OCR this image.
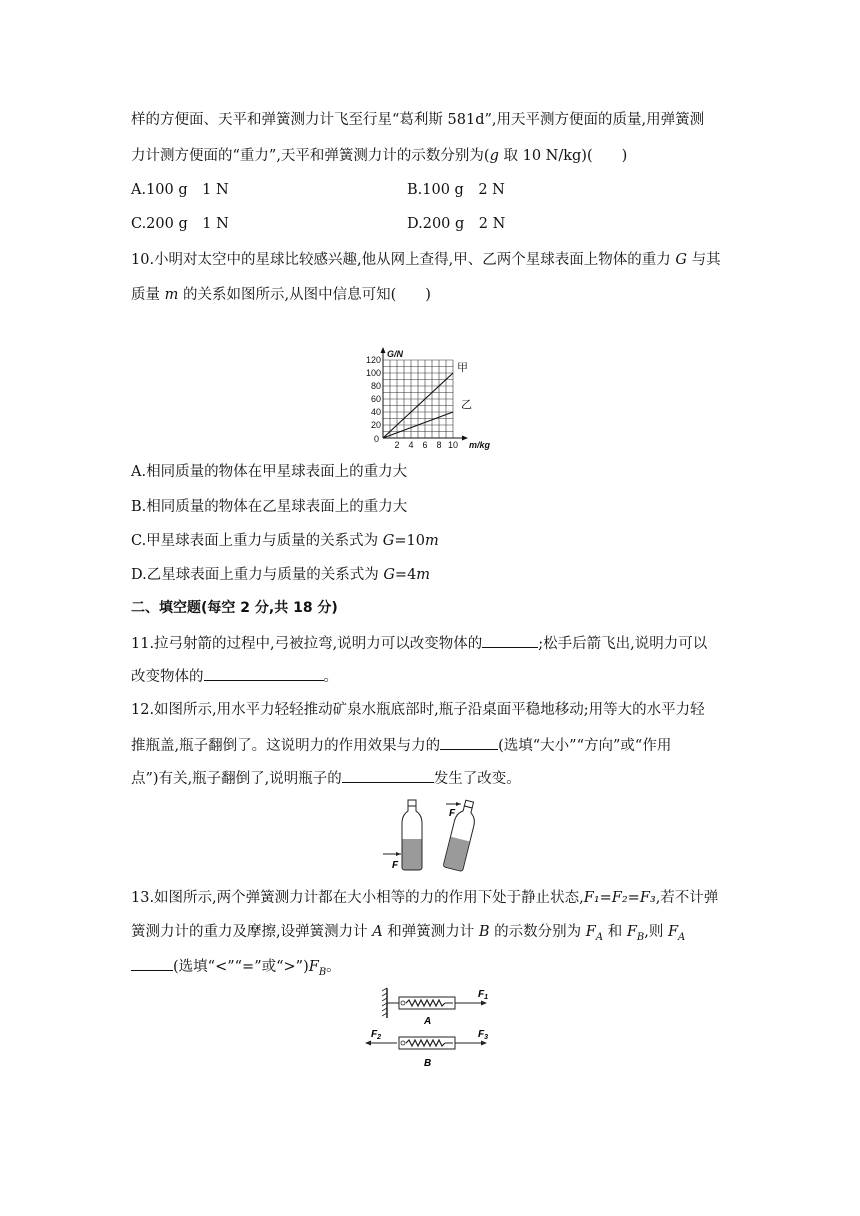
样的方便面、天平和弹簧测力计飞至行星“葛利斯 581d”,用天平测方便面的质量,用弹簧测
力计测方便面的“重力”,天平和弹簧测力计的示数分别为(g 取 10 N/kg)(　　)
A.100 g　1 N	B.100 g　2 N
C.200 g　1 N	D.200 g　2 N
10.小明对太空中的星球比较感兴趣,他从网上查得,甲、乙两个星球表面上物体的重力 G 与其
质量 m 的关系如图所示,从图中信息可知(　　)
20
40
60
80
100
120
2 4 6 8 10
0
G/N
m/kg
甲
乙
A.相同质量的物体在甲星球表面上的重力大
B.相同质量的物体在乙星球表面上的重力大
C.甲星球表面上重力与质量的关系式为 G=10m
D.乙星球表面上重力与质量的关系式为 G=4m
二、填空题(每空 2 分,共 18 分)
11.拉弓射箭的过程中,弓被拉弯,说明力可以改变物体的	;松手后箭飞出,说明力可以
改变物体的	。
12.如图所示,用水平力轻轻推动矿泉水瓶底部时,瓶子沿桌面平稳地移动;用等大的水平力轻
推瓶盖,瓶子翻倒了。这说明力的作用效果与力的	(选填“大小”“方向”或“作用
点”)有关,瓶子翻倒了,说明瓶子的	发生了改变。
F
F
13.如图所示,两个弹簧测力计都在大小相等的力的作用下处于静止状态,F₁=F₂=F₃,若不计弹
簧测力计的重力及摩擦,设弹簧测力计 A 和弹簧测力计 B 的示数分别为 $F_A$ 和 $F_B$,则 $F_A$
(选填“<”“=”或“$>”)F_B$。
$F_1$
A
$F_2$	$F_3$
B
